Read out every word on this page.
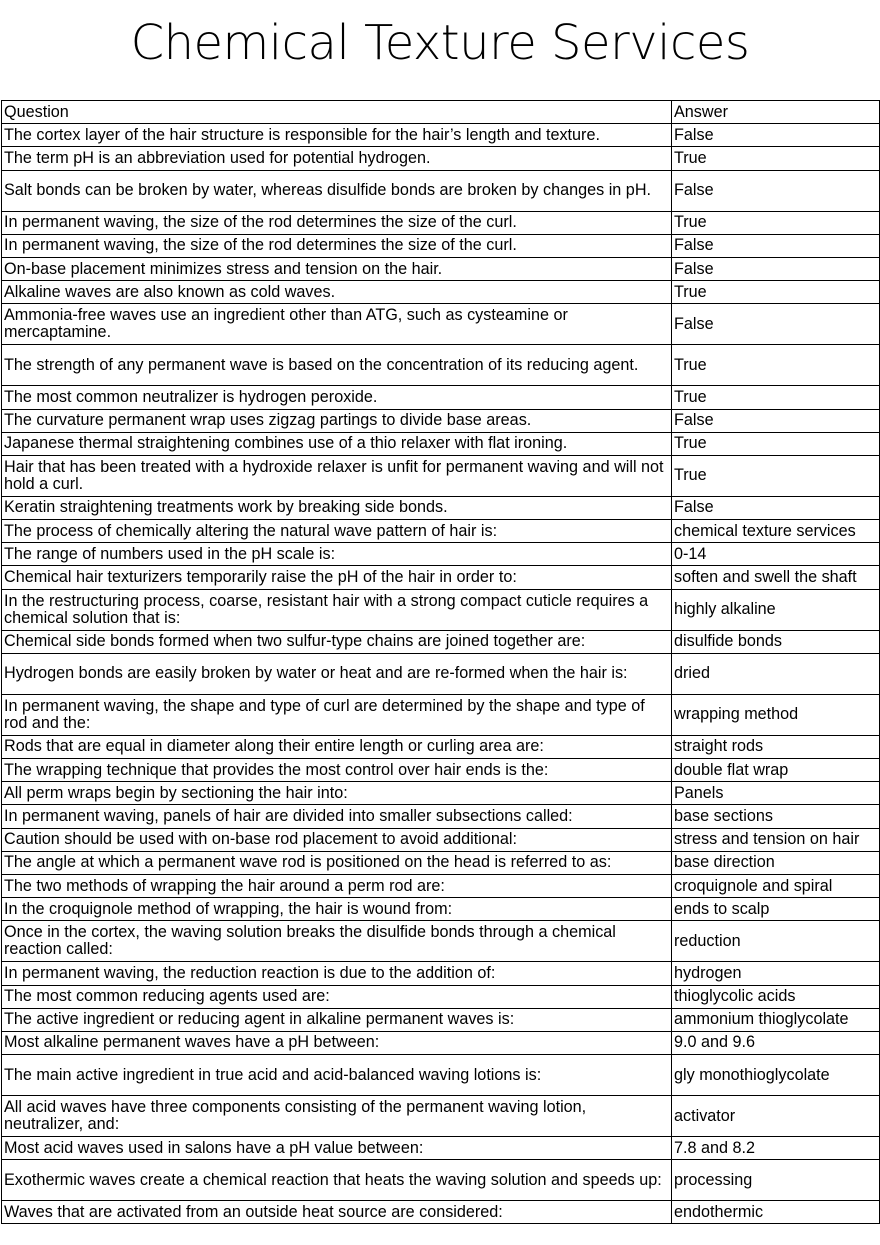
Chemical Texture Services
Question	Answer
The cortex layer of the hair structure is responsible for the hair’s length and texture.	False
The term pH is an abbreviation used for potential hydrogen.	True
Salt bonds can be broken by water, whereas disulfide bonds are broken by changes in pH.	False
In permanent waving, the size of the rod determines the size of the curl.	True
In permanent waving, the size of the rod determines the size of the curl.	False
On-base placement minimizes stress and tension on the hair.	False
Alkaline waves are also known as cold waves.	True
Ammonia-free waves use an ingredient other than ATG, such as cysteamine or mercaptamine.	False
The strength of any permanent wave is based on the concentration of its reducing agent.	True
The most common neutralizer is hydrogen peroxide.	True
The curvature permanent wrap uses zigzag partings to divide base areas.	False
Japanese thermal straightening combines use of a thio relaxer with flat ironing.	True
Hair that has been treated with a hydroxide relaxer is unfit for permanent waving and will not hold a curl.	True
Keratin straightening treatments work by breaking side bonds.	False
The process of chemically altering the natural wave pattern of hair is:	chemical texture services
The range of numbers used in the pH scale is:	0-14
Chemical hair texturizers temporarily raise the pH of the hair in order to:	soften and swell the shaft
In the restructuring process, coarse, resistant hair with a strong compact cuticle requires a chemical solution that is:	highly alkaline
Chemical side bonds formed when two sulfur-type chains are joined together are:	disulfide bonds
Hydrogen bonds are easily broken by water or heat and are re-formed when the hair is:	dried
In permanent waving, the shape and type of curl are determined by the shape and type of rod and the:	wrapping method
Rods that are equal in diameter along their entire length or curling area are:	straight rods
The wrapping technique that provides the most control over hair ends is the:	double flat wrap
All perm wraps begin by sectioning the hair into:	Panels
In permanent waving, panels of hair are divided into smaller subsections called:	base sections
Caution should be used with on-base rod placement to avoid additional:	stress and tension on hair
The angle at which a permanent wave rod is positioned on the head is referred to as:	base direction
The two methods of wrapping the hair around a perm rod are:	croquignole and spiral
In the croquignole method of wrapping, the hair is wound from:	ends to scalp
Once in the cortex, the waving solution breaks the disulfide bonds through a chemical reaction called:	reduction
In permanent waving, the reduction reaction is due to the addition of:	hydrogen
The most common reducing agents used are:	thioglycolic acids
The active ingredient or reducing agent in alkaline permanent waves is:	ammonium thioglycolate
Most alkaline permanent waves have a pH between:	9.0 and 9.6
The main active ingredient in true acid and acid-balanced waving lotions is:	gly monothioglycolate
All acid waves have three components consisting of the permanent waving lotion, neutralizer, and:	activator
Most acid waves used in salons have a pH value between:	7.8 and 8.2
Exothermic waves create a chemical reaction that heats the waving solution and speeds up:	processing
Waves that are activated from an outside heat source are considered:	endothermic
